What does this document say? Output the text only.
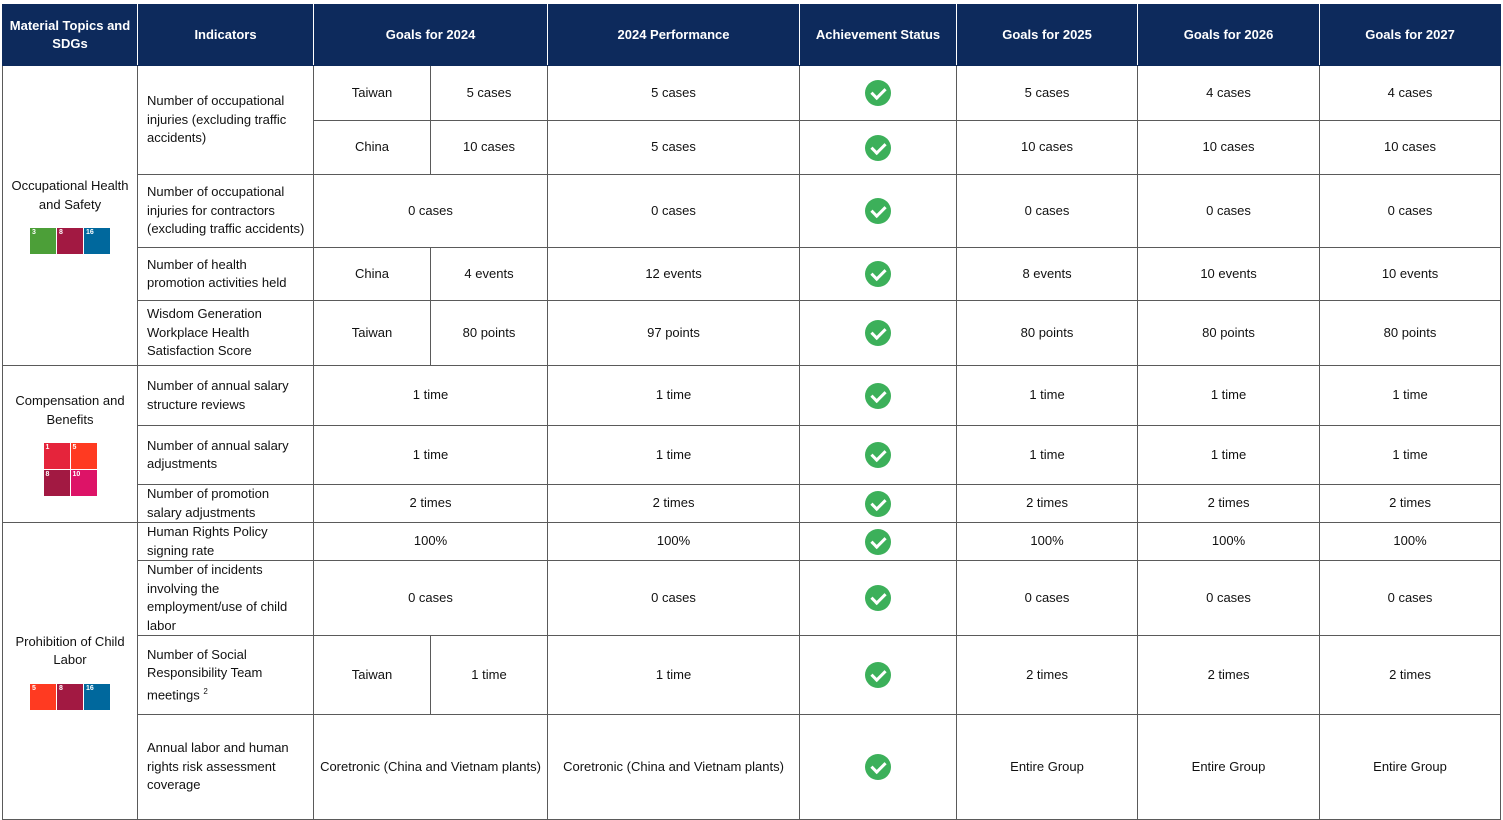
Material Topics and SDGs	Indicators	Goals for 2024		2024 Performance	Achievement Status	Goals for 2025	Goals for 2026	Goals for 2027

Occupational Health and Safety
3 8 16	Number of occupational injuries (excluding traffic accidents)	Taiwan	5 cases	5 cases		5 cases	4 cases	4 cases
		China	10 cases	5 cases		10 cases	10 cases	10 cases
	Number of occupational injuries for contractors (excluding traffic accidents)	0 cases		0 cases		0 cases	0 cases	0 cases
	Number of health promotion activities held	China	4 events	12 events		8 events	10 events	10 events
	Wisdom Generation Workplace Health Satisfaction Score	Taiwan	80 points	97 points		80 points	80 points	80 points

Compensation and Benefits
1 5
8 10	Number of annual salary structure reviews	1 time		1 time		1 time	1 time	1 time
	Number of annual salary adjustments	1 time		1 time		1 time	1 time	1 time
	Number of promotion salary adjustments	2 times		2 times		2 times	2 times	2 times

Prohibition of Child Labor
5 8 16	Human Rights Policy signing rate	100%		100%		100%	100%	100%
	Number of incidents involving the employment/use of child labor	0 cases		0 cases		0 cases	0 cases	0 cases
	Number of Social Responsibility Team meetings $^2$	Taiwan	1 time	1 time		2 times	2 times	2 times
	Annual labor and human rights risk assessment coverage	Coretronic (China and Vietnam plants)		Coretronic (China and Vietnam plants)		Entire Group	Entire Group	Entire Group
